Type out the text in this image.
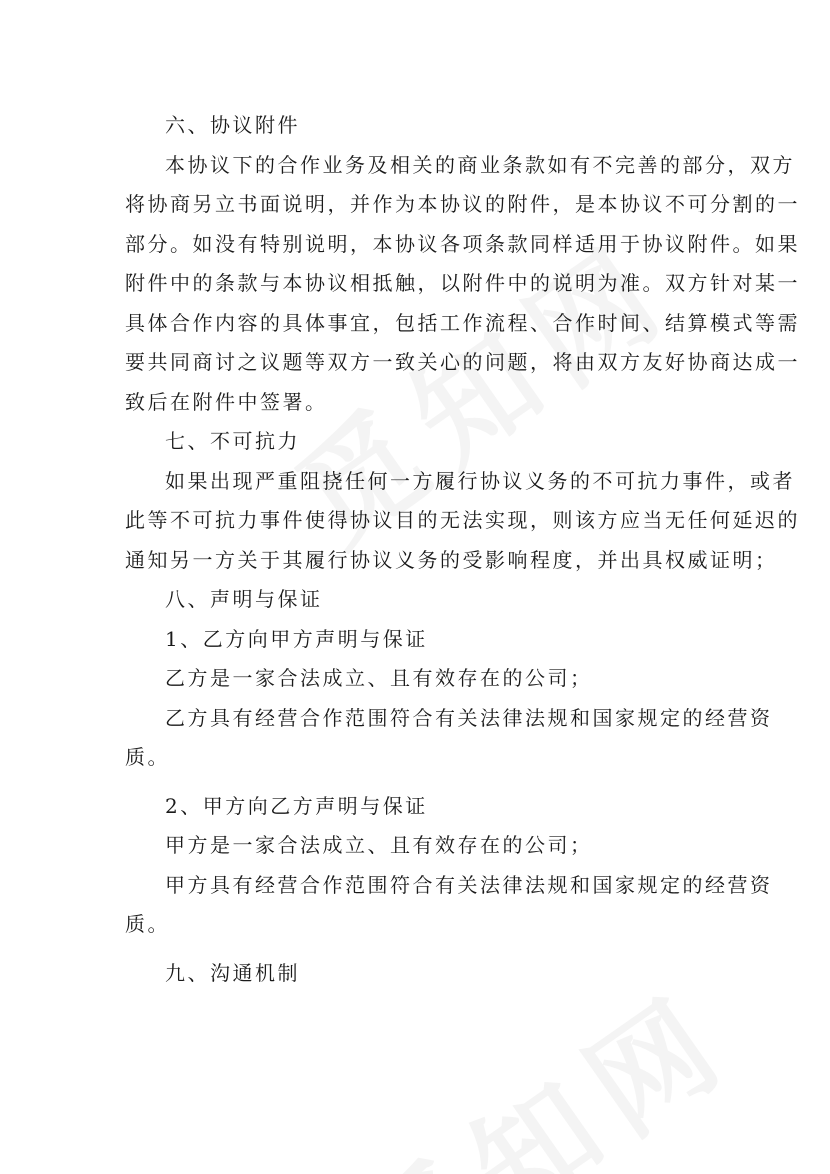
六、协议附件

本协议下的合作业务及相关的商业条款如有不完善的部分，双方

将协商另立书面说明，并作为本协议的附件，是本协议不可分割的一

部分。如没有特别说明，本协议各项条款同样适用于协议附件。如果

附件中的条款与本协议相抵触，以附件中的说明为准。双方针对某一

具体合作内容的具体事宜，包括工作流程、合作时间、结算模式等需

要共同商讨之议题等双方一致关心的问题，将由双方友好协商达成一

致后在附件中签署。

七、不可抗力

如果出现严重阻挠任何一方履行协议义务的不可抗力事件，或者

此等不可抗力事件使得协议目的无法实现，则该方应当无任何延迟的

通知另一方关于其履行协议义务的受影响程度，并出具权威证明；

八、声明与保证

1、乙方向甲方声明与保证

乙方是一家合法成立、且有效存在的公司；

乙方具有经营合作范围符合有关法律法规和国家规定的经营资

质。

2、甲方向乙方声明与保证

甲方是一家合法成立、且有效存在的公司；

甲方具有经营合作范围符合有关法律法规和国家规定的经营资

质。

九、沟通机制
